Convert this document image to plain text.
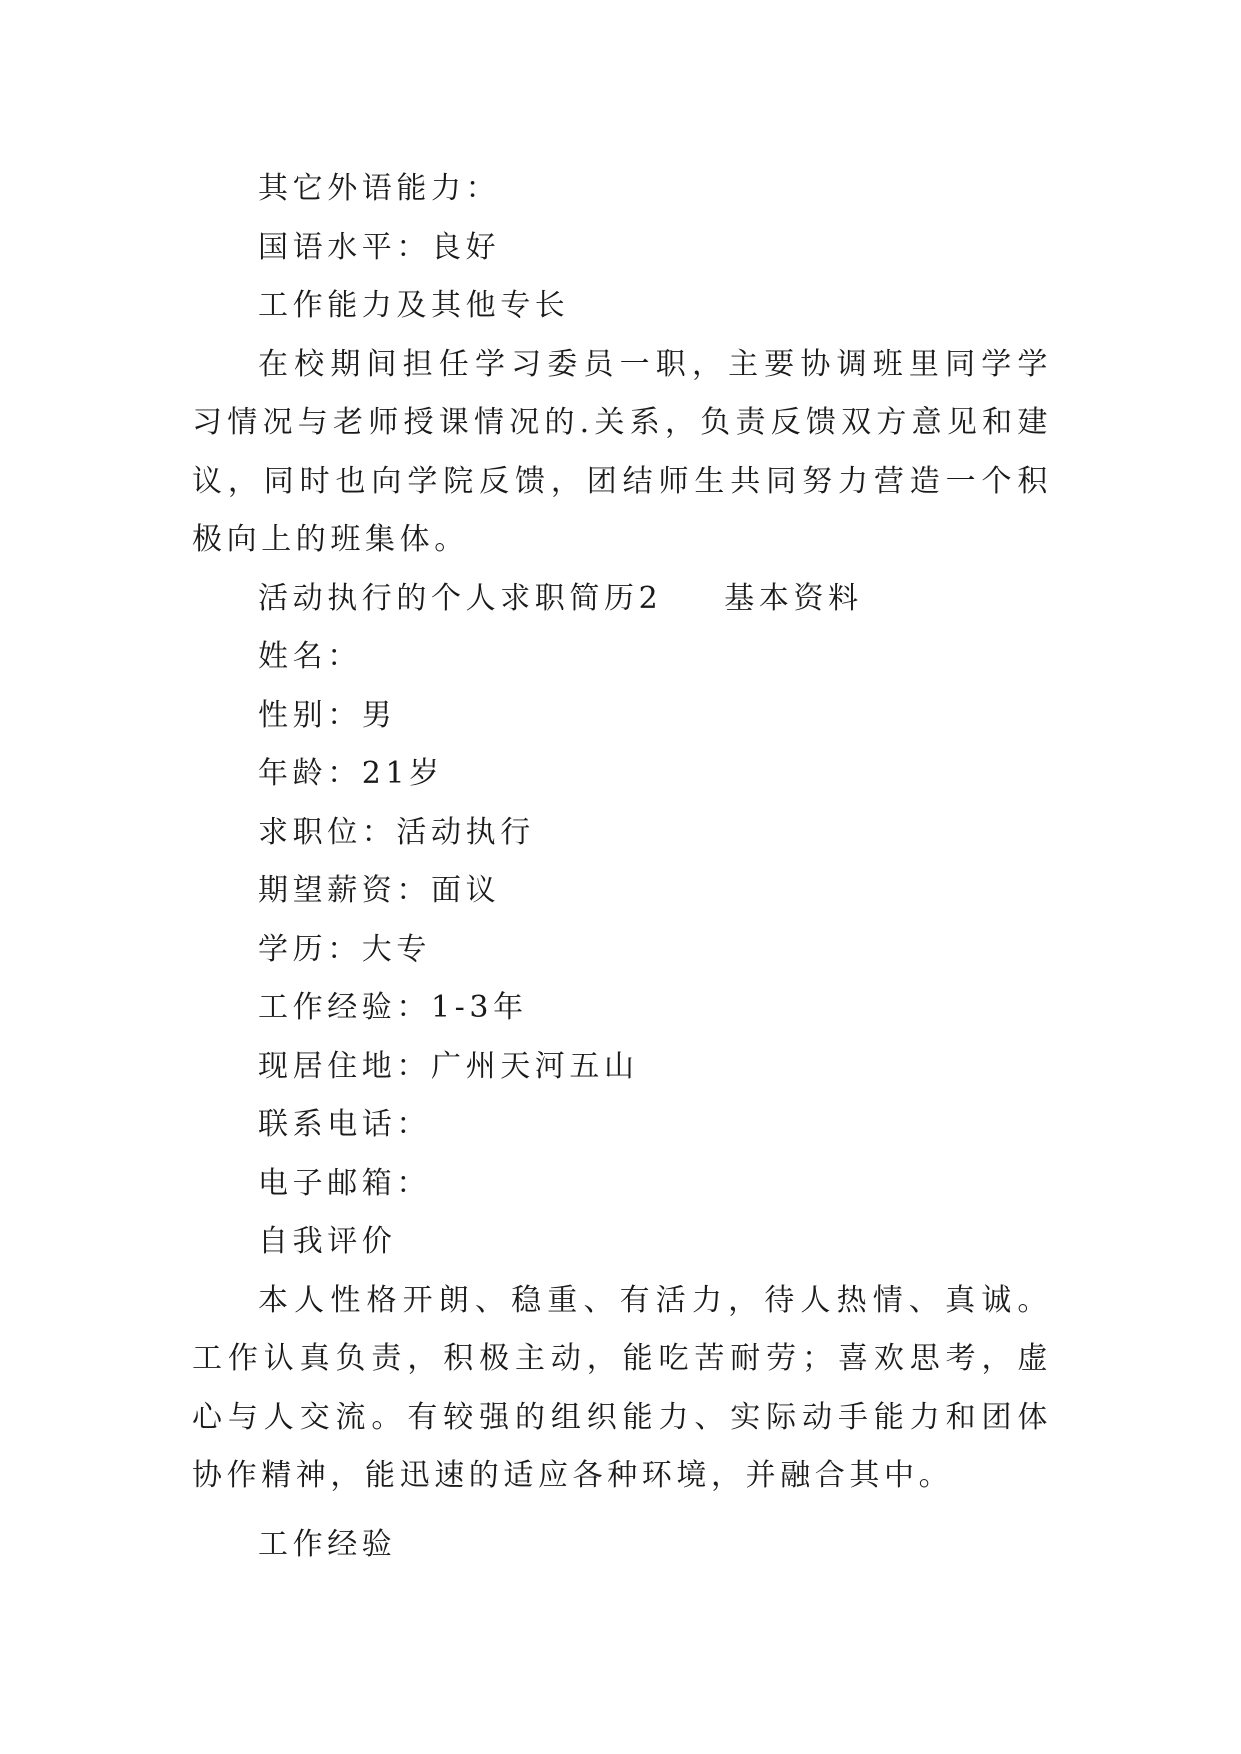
其它外语能力：
国语水平：良好
工作能力及其他专长
在校期间担任学习委员一职，主要协调班里同学学习情况与老师授课情况的.关系，负责反馈双方意见和建议，同时也向学院反馈，团结师生共同努力营造一个积极向上的班集体。
活动执行的个人求职简历2 基本资料
姓名：
性别：男
年龄：21岁
求职位：活动执行
期望薪资：面议
学历：大专
工作经验：1-3年
现居住地：广州天河五山
联系电话：
电子邮箱：
自我评价
本人性格开朗、稳重、有活力，待人热情、真诚。工作认真负责，积极主动，能吃苦耐劳；喜欢思考，虚心与人交流。有较强的组织能力、实际动手能力和团体协作精神，能迅速的适应各种环境，并融合其中。
工作经验
